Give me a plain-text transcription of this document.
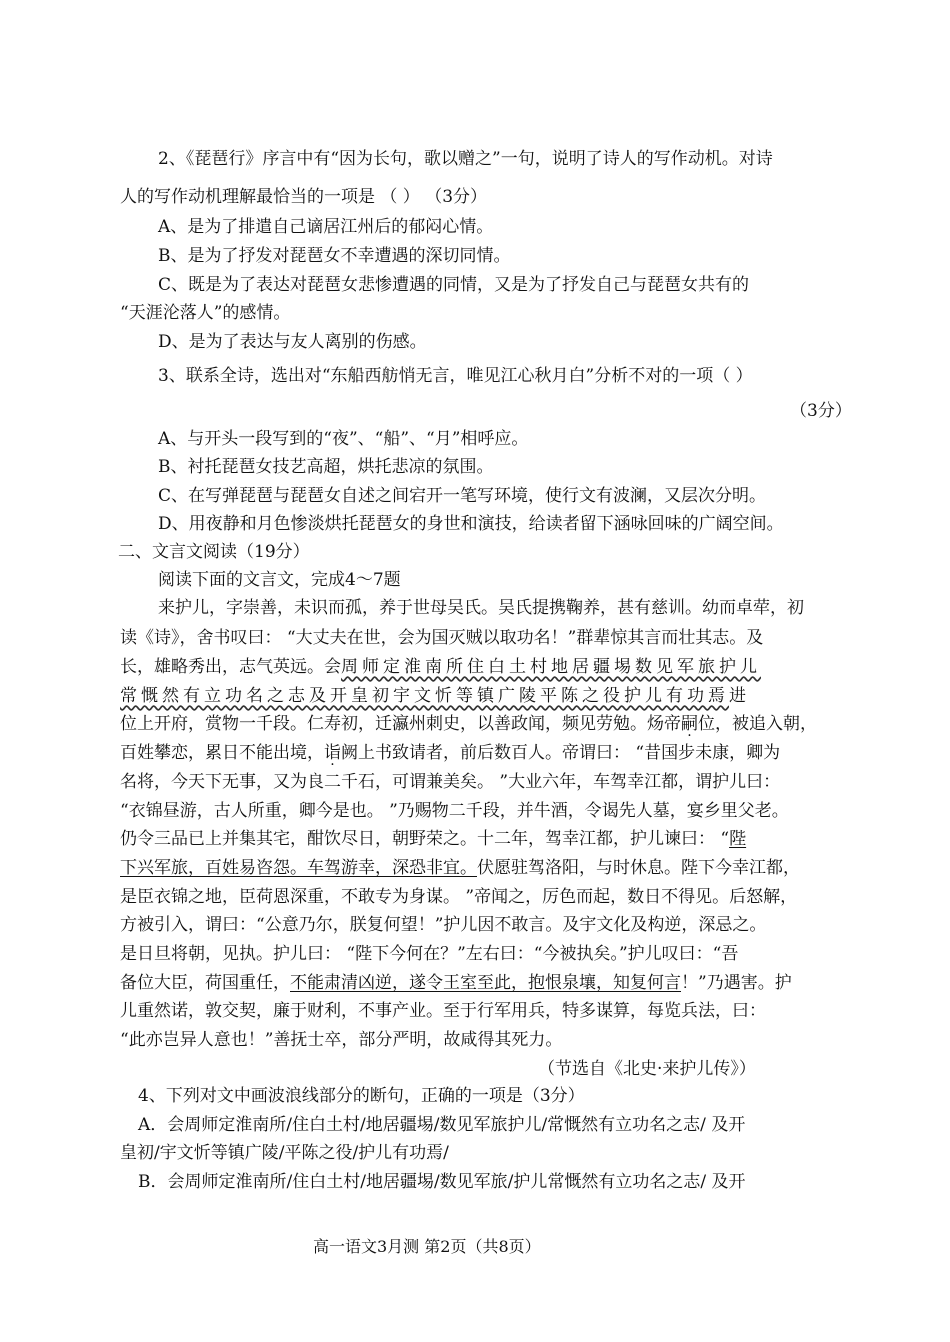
2、《琵琶行》序言中有“因为长句，歌以赠之”一句，说明了诗人的写作动机。对诗
人的写作动机理解最恰当的一项是 （ ） （3分）
A、是为了排遣自己谪居江州后的郁闷心情。
B、是为了抒发对琵琶女不幸遭遇的深切同情。
C、既是为了表达对琵琶女悲惨遭遇的同情，又是为了抒发自己与琵琶女共有的
“天涯沦落人”的感情。
D、是为了表达与友人离别的伤感。
3、联系全诗，选出对“东船西舫悄无言，唯见江心秋月白”分析不对的一项（ ）
（3分）
A、与开头一段写到的“夜”、“船”、“月”相呼应。
B、衬托琵琶女技艺高超，烘托悲凉的氛围。
C、在写弹琵琶与琵琶女自述之间宕开一笔写环境，使行文有波澜，又层次分明。
D、用夜静和月色惨淡烘托琵琶女的身世和演技，给读者留下涵咏回味的广阔空间。
二、文言文阅读（19分）
阅读下面的文言文，完成4～7题
来护儿，字崇善，未识而孤，养于世母吴氏。吴氏提携鞠养，甚有慈训。幼而卓荦，初
读《诗》，舍书叹曰： “大丈夫在世，会为国灭贼以取功名！”群辈惊其言而壮其志。及
长，雄略秀出，志气英远。会周师定淮南所住白土村地居疆埸数见军旅护儿
常慨然有立功名之志及开皇初宇文忻等镇广陵平陈之役护儿有功焉进
位上开府，赏物一千段。仁寿初，迁瀛州刺史，以善政闻，频见劳勉。炀帝嗣位，被追入朝，
百姓攀恋，累日不能出境，诣阙上书致请者，前后数百人。帝谓曰： “昔国步未康，卿为
名将，今天下无事，又为良二千石，可谓兼美矣。 ”大业六年，车驾幸江都，谓护儿曰：
“衣锦昼游，古人所重，卿今是也。 ”乃赐物二千段，并牛酒，令谒先人墓，宴乡里父老。
仍令三品已上并集其宅，酣饮尽日，朝野荣之。十二年，驾幸江都，护儿谏曰： “陛
下兴军旅，百姓易咨怨。车驾游幸，深恐非宜。伏愿驻驾洛阳，与时休息。陛下今幸江都，
是臣衣锦之地，臣荷恩深重，不敢专为身谋。 ”帝闻之，厉色而起，数日不得见。后怒解，
方被引入，谓曰：“公意乃尔，朕复何望！”护儿因不敢言。及宇文化及构逆，深忌之。
是日旦将朝，见执。护儿曰： “陛下今何在？”左右曰：“今被执矣。”护儿叹曰：“吾
备位大臣，荷国重任，不能肃清凶逆，遂令王室至此，抱恨泉壤，知复何言！”乃遇害。护
儿重然诺，敦交契，廉于财利，不事产业。至于行军用兵，特多谋算，每览兵法，曰：
“此亦岂异人意也！”善抚士卒，部分严明，故咸得其死力。
（节选自《北史·来护儿传》）
4、下列对文中画波浪线部分的断句，正确的一项是（3分）
A．会周师定淮南所/住白土村/地居疆埸/数见军旅护儿/常慨然有立功名之志/ 及开
皇初/宇文忻等镇广陵/平陈之役/护儿有功焉/
B．会周师定淮南所/住白土村/地居疆埸/数见军旅/护儿常慨然有立功名之志/ 及开
高一语文3月测 第2页（共8页）
